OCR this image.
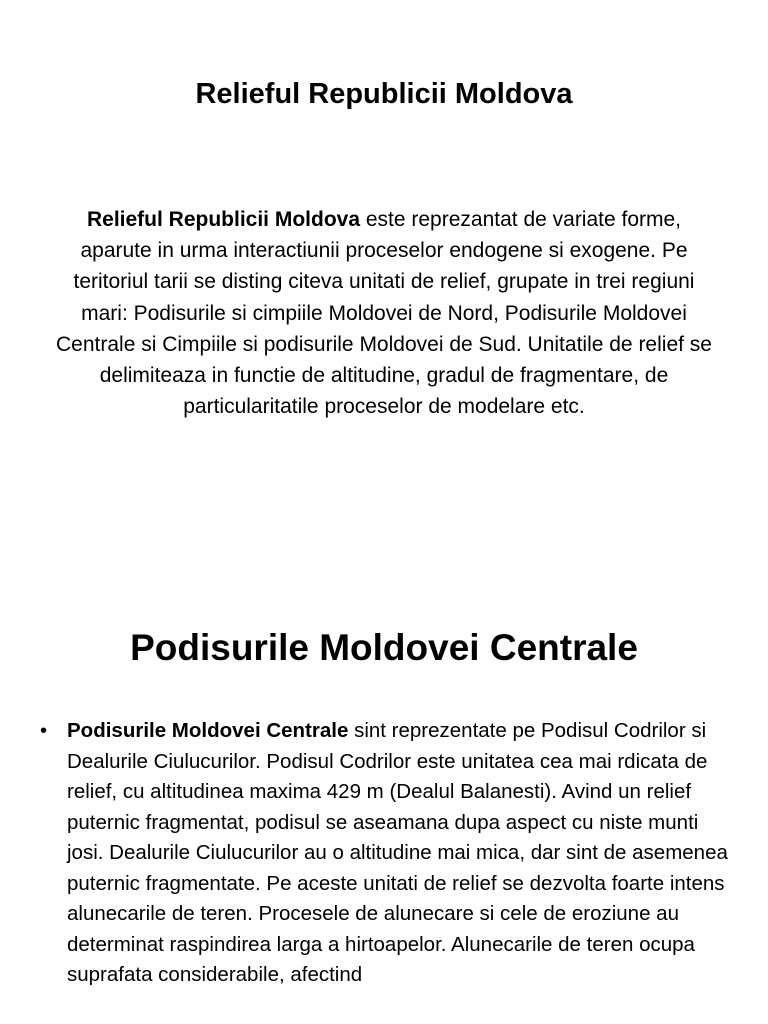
Relieful Republicii Moldova

Relieful Republicii Moldova este reprezantat de variate forme, aparute in urma interactiunii proceselor endogene si exogene. Pe teritoriul tarii se disting citeva unitati de relief, grupate in trei regiuni mari: Podisurile si cimpiile Moldovei de Nord, Podisurile Moldovei Centrale si Cimpiile si podisurile Moldovei de Sud. Unitatile de relief se delimiteaza in functie de altitudine, gradul de fragmentare, de particularitatile proceselor de modelare etc.

Podisurile Moldovei Centrale
• Podisurile Moldovei Centrale sint reprezentate pe Podisul Codrilor si Dealurile Ciulucurilor. Podisul Codrilor este unitatea cea mai rdicata de relief, cu altitudinea maxima 429 m (Dealul Balanesti). Avind un relief puternic fragmentat, podisul se aseamana dupa aspect cu niste munti josi. Dealurile Ciulucurilor au o altitudine mai mica, dar sint de asemenea puternic fragmentate. Pe aceste unitati de relief se dezvolta foarte intens alunecarile de teren. Procesele de alunecare si cele de eroziune au determinat raspindirea larga a hirtoapelor. Alunecarile de teren ocupa suprafata considerabile, afectind
